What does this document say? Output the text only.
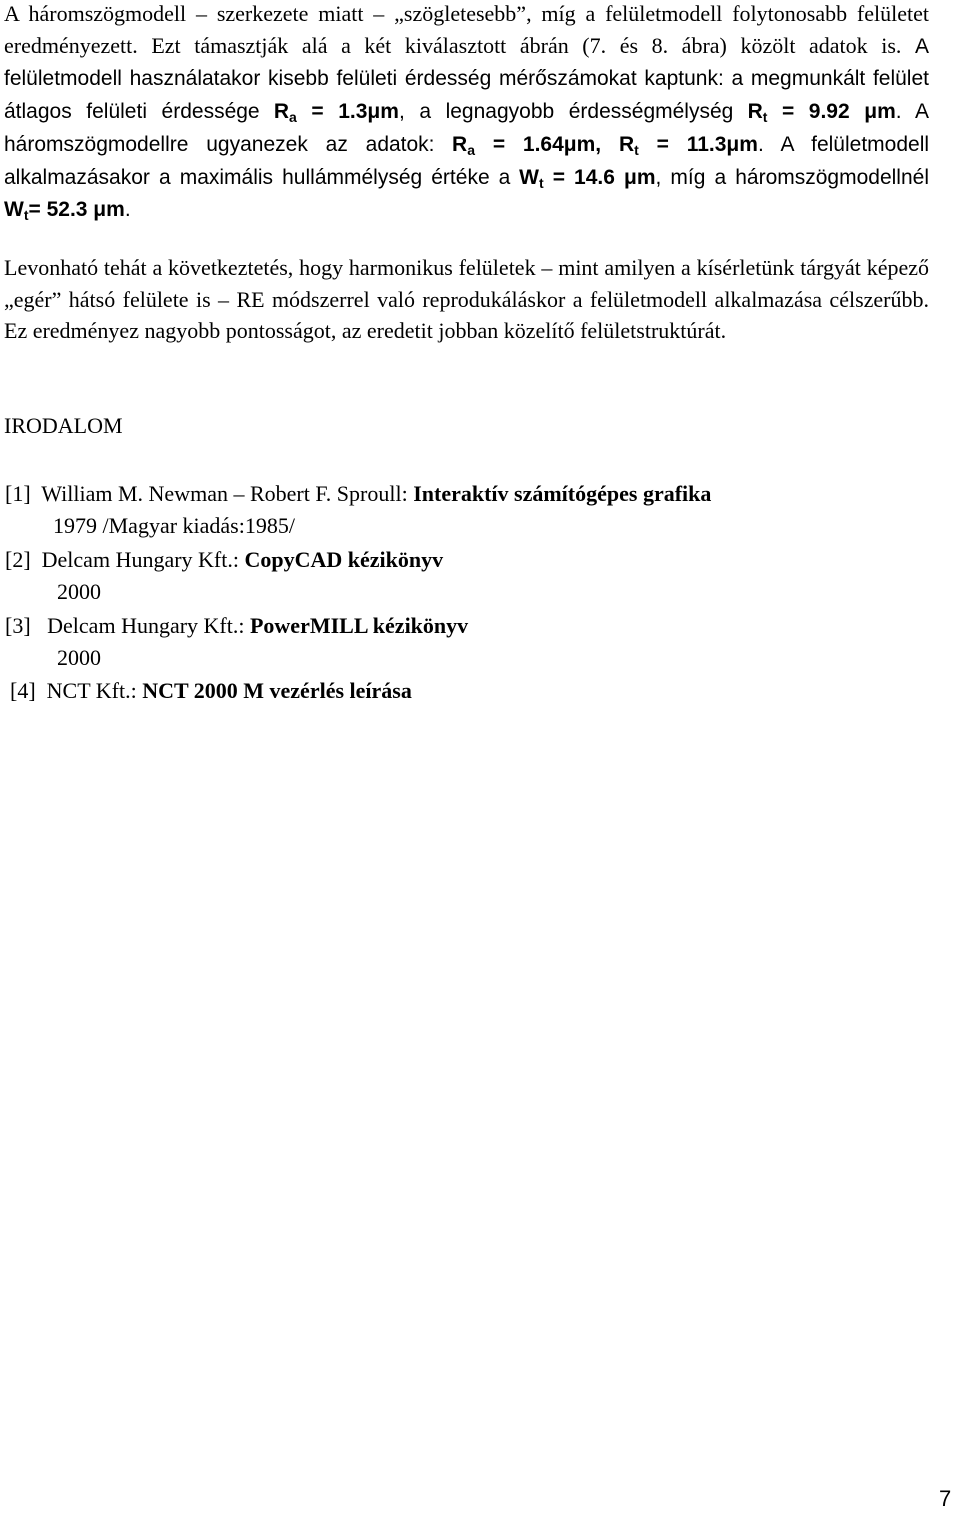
A háromszögmodell – szerkezete miatt – „szögletesebb”, míg a felületmodell folytonosabb felületet eredményezett. Ezt támasztják alá a két kiválasztott ábrán (7. és 8. ábra) közölt adatok is. A felületmodell használatakor kisebb felületi érdesség mérőszámokat kaptunk: a megmunkált felület átlagos felületi érdessége $R_a = 1.3\mu m$, a legnagyobb érdességmélység $R_t = 9.92$ μm. A háromszögmodellre ugyanezek az adatok: $R_a = 1.64\mu m$, $R_t = 11.3\mu m$. A felületmodell alkalmazásakor a maximális hullámmélység értéke a $W_t = 14.6$ μm, míg a háromszögmodellnél $W_t= 52.3$ μm.
Levonható tehát a következtetés, hogy harmonikus felületek – mint amilyen a kísérletünk tárgyát képező „egér” hátsó felülete is – RE módszerrel való reprodukáláskor a felületmodell alkalmazása célszerűbb. Ez eredményez nagyobb pontosságot, az eredetit jobban közelítő felületstruktúrát.
IRODALOM
[1] William M. Newman – Robert F. Sproull: Interaktív számítógépes grafika
1979 /Magyar kiadás:1985/
[2] Delcam Hungary Kft.: CopyCAD kézikönyv
2000
[3] Delcam Hungary Kft.: PowerMILL kézikönyv
2000
[4] NCT Kft.: NCT 2000 M vezérlés leírása
7
